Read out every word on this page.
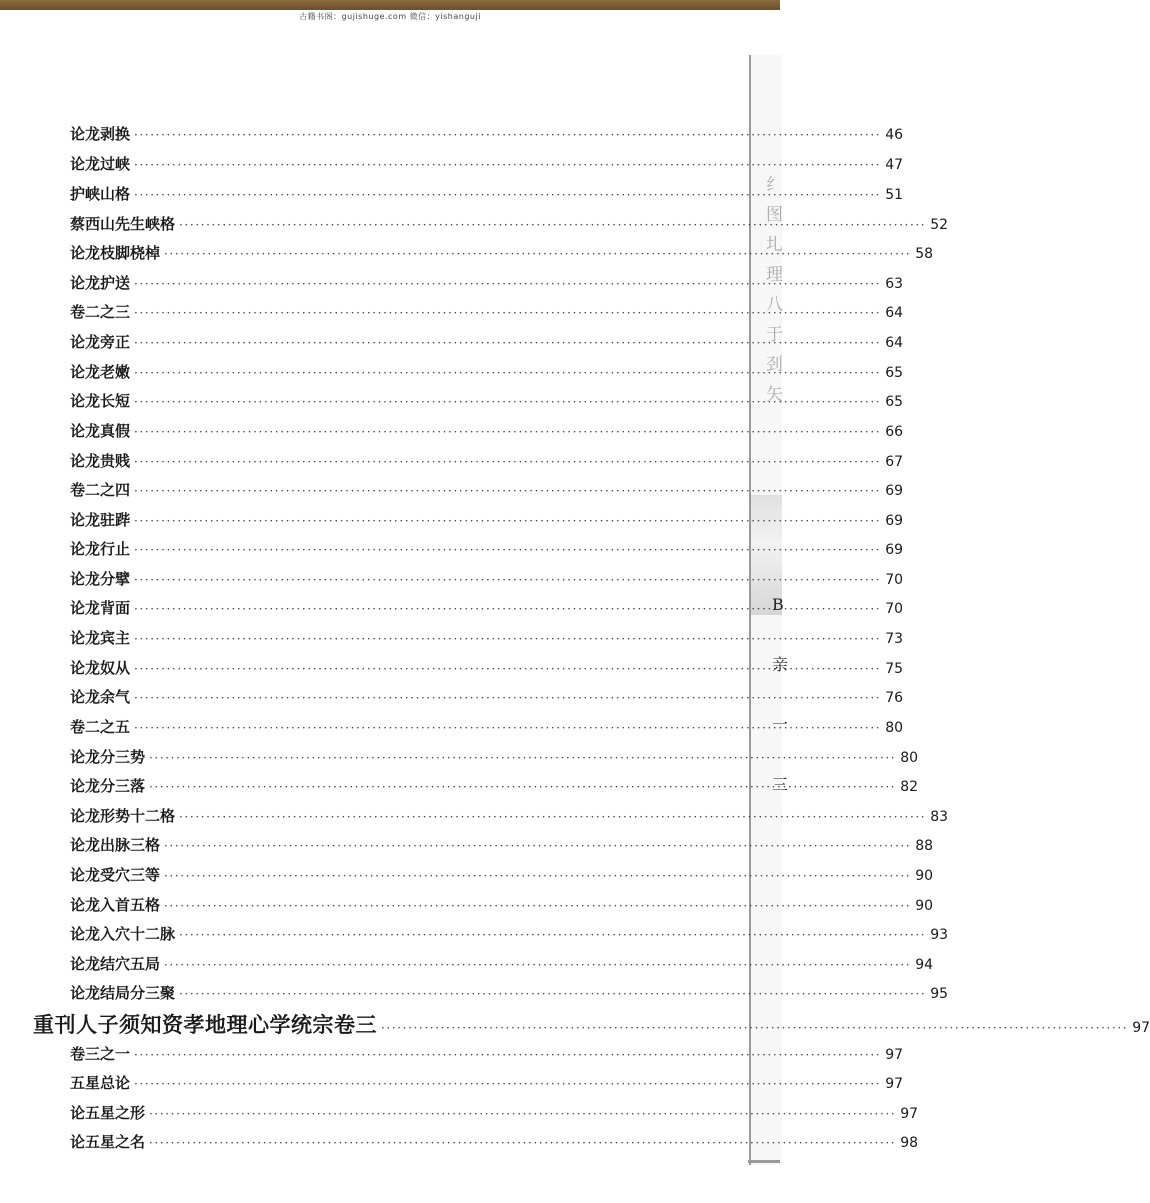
古籍书阁：gujishuge.com 微信：yishanguji
纟
图
圠
理
八
于
刭
矢
B
亲
一
三
论龙剥换 ·····	46
论龙过峡 ·····	47
护峡山格 ·····	51
蔡西山先生峡格 ·····	52
论龙枝脚桡棹 ·····	58
论龙护送 ·····	63
卷二之三 ·····	64
论龙旁正 ·····	64
论龙老嫩 ·····	65
论龙长短 ·····	65
论龙真假 ·····	66
论龙贵贱 ·····	67
卷二之四 ·····	69
论龙驻跸 ·····	69
论龙行止 ·····	69
论龙分擘 ·····	70
论龙背面 ·····	70
论龙宾主 ·····	73
论龙奴从 ·····	75
论龙余气 ·····	76
卷二之五 ·····	80
论龙分三势 ·····	80
论龙分三落 ·····	82
论龙形势十二格 ·····	83
论龙出脉三格 ·····	88
论龙受穴三等 ·····	90
论龙入首五格 ·····	90
论龙入穴十二脉 ·····	93
论龙结穴五局 ·····	94
论龙结局分三聚 ·····	95
重刊人子须知资孝地理心学统宗卷三 ·····	97
卷三之一 ·····	97
五星总论 ·····	97
论五星之形 ·····	97
论五星之名 ·····	98
